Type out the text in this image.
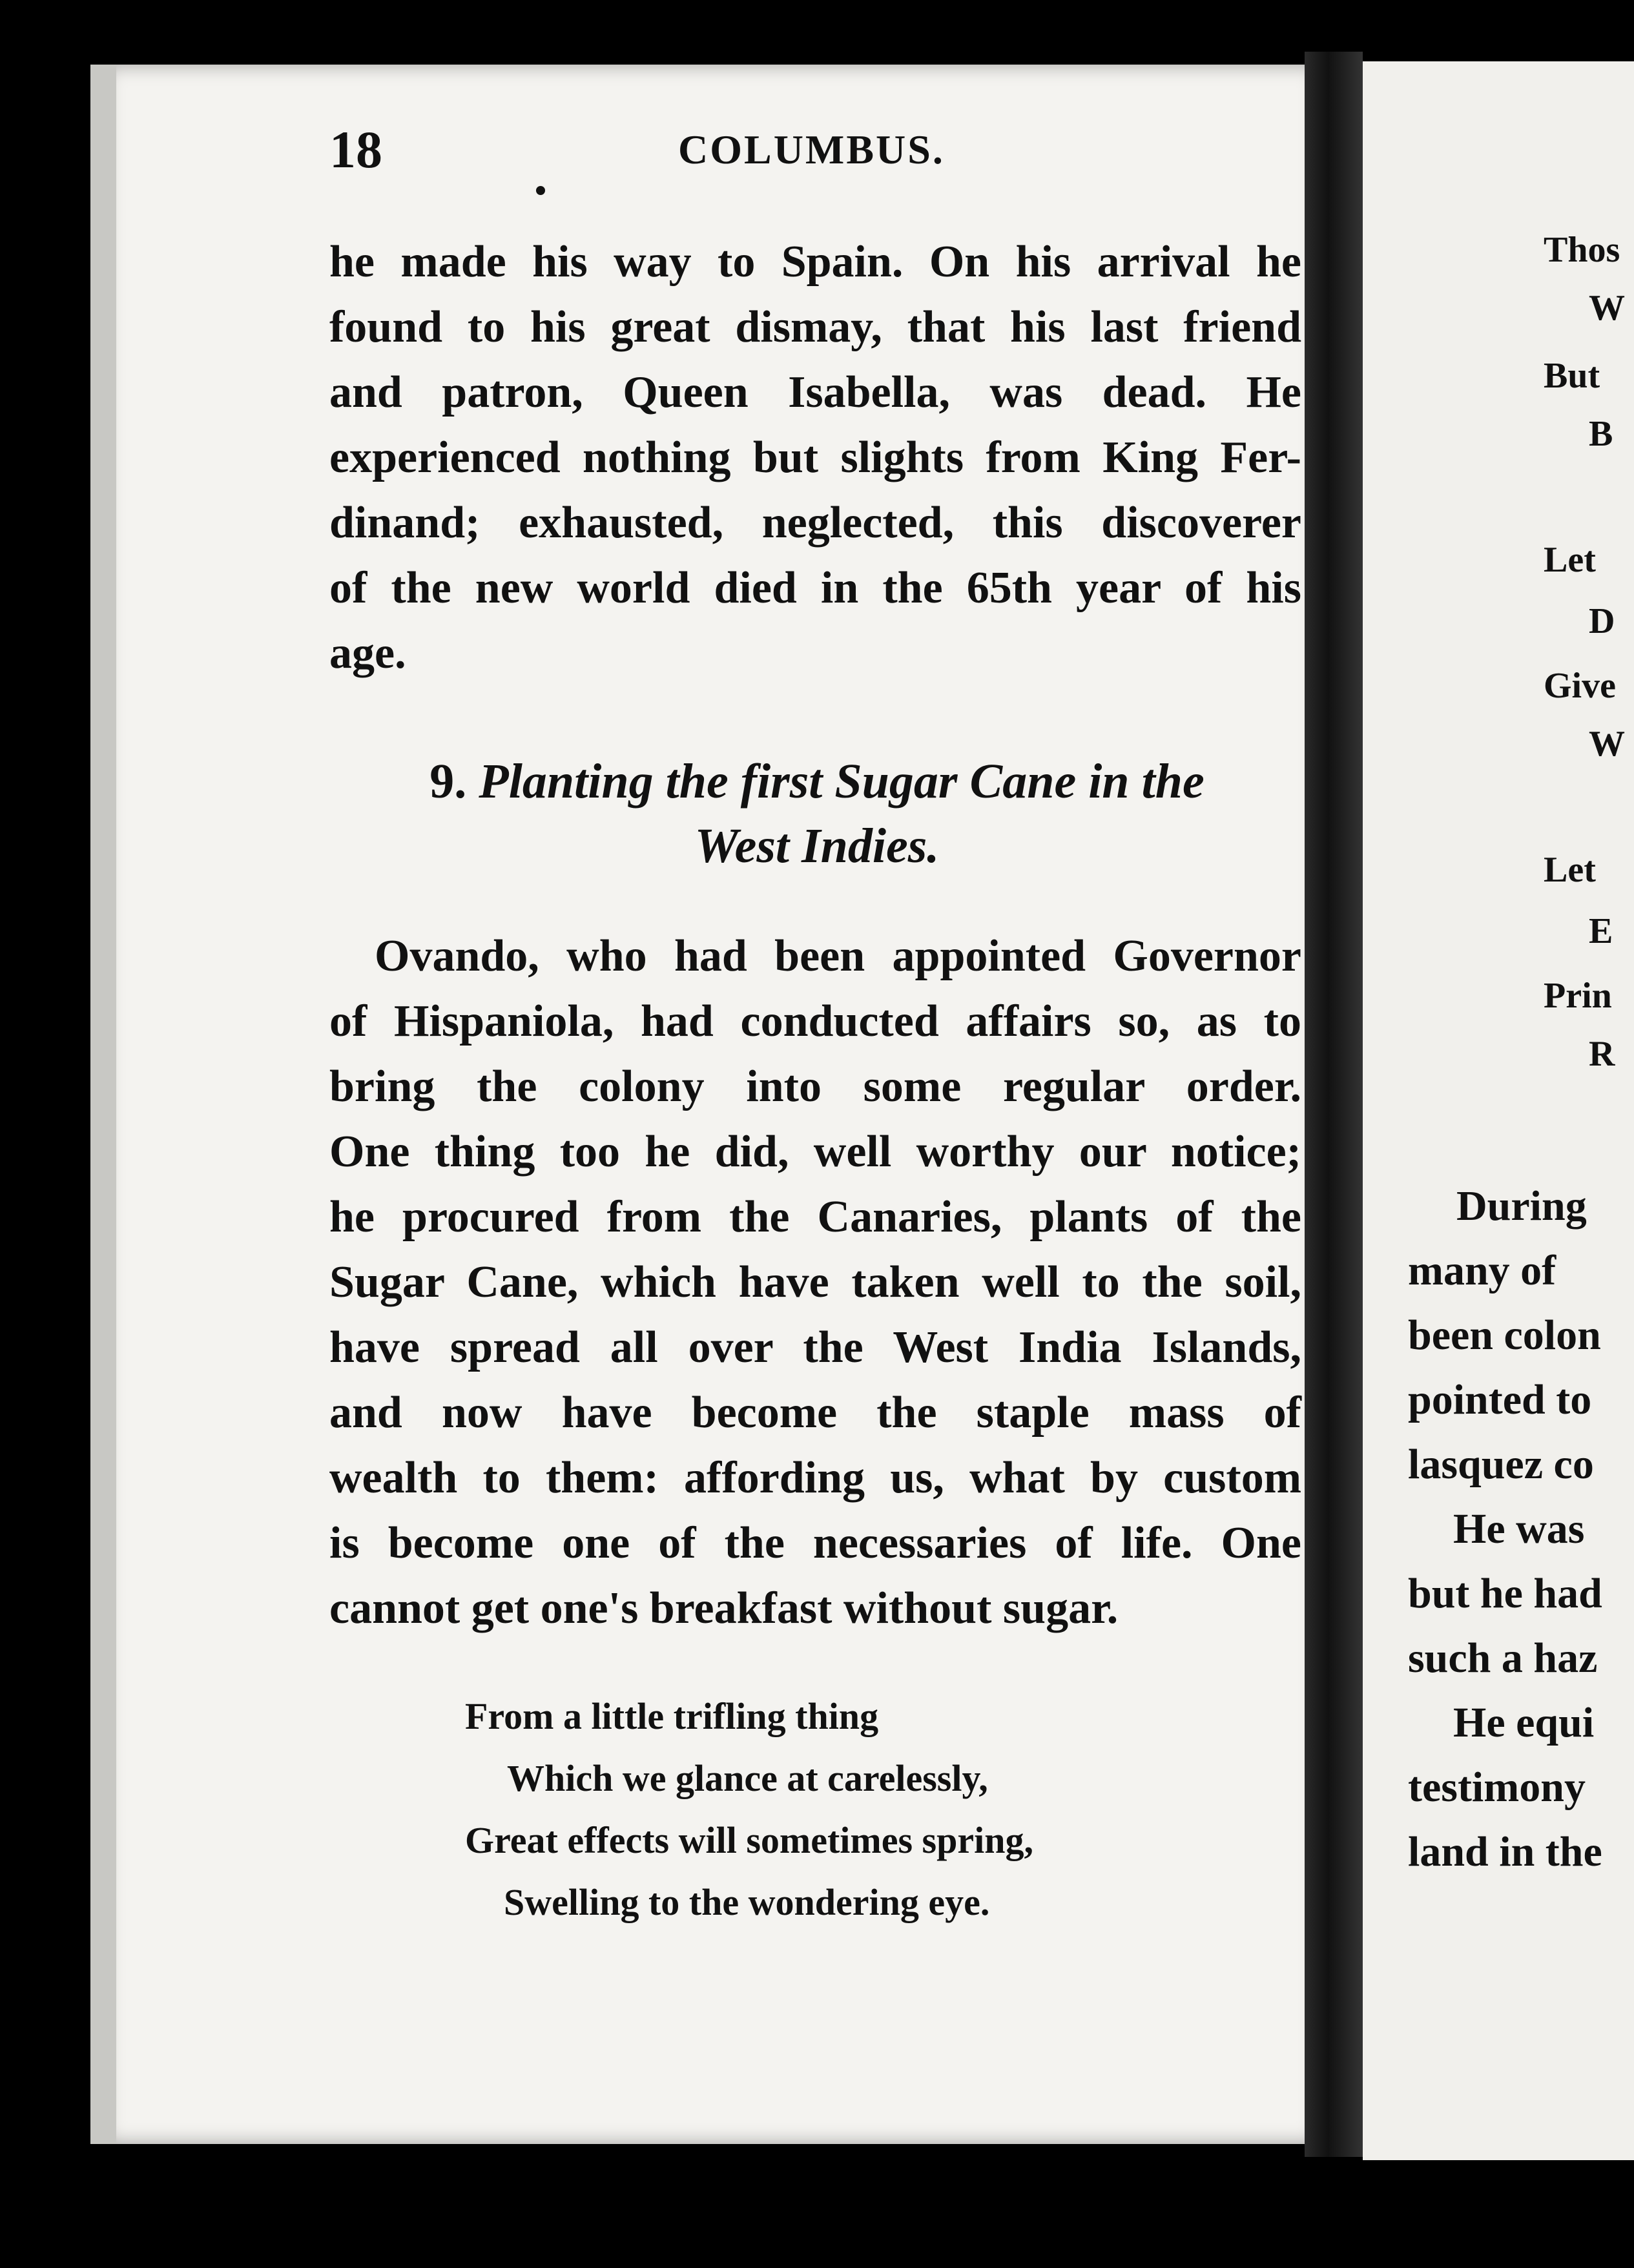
18	COLUMBUS.
he made his way to Spain. On his arrival he
found to his great dismay, that his last friend
and patron, Queen Isabella, was dead. He
experienced nothing but slights from King Fer-
dinand; exhausted, neglected, this discoverer
of the new world died in the 65th year of his
age.
9. Planting the first Sugar Cane in the
West Indies.
Ovando, who had been appointed Governor
of Hispaniola, had conducted affairs so, as to
bring the colony into some regular order.
One thing too he did, well worthy our notice;
he procured from the Canaries, plants of the
Sugar Cane, which have taken well to the soil,
have spread all over the West India Islands,
and now have become the staple mass of
wealth to them: affording us, what by custom
is become one of the necessaries of life. One
cannot get one's breakfast without sugar.
From a little trifling thing
Which we glance at carelessly,
Great effects will sometimes spring,
Swelling to the wondering eye.
Thos
W
But
B
Let
D
Give
W
Let
E
Prin
R
During
many of
been colon
pointed to
lasquez co
He was
but he had
such a haz
He equi
testimony
land in the
